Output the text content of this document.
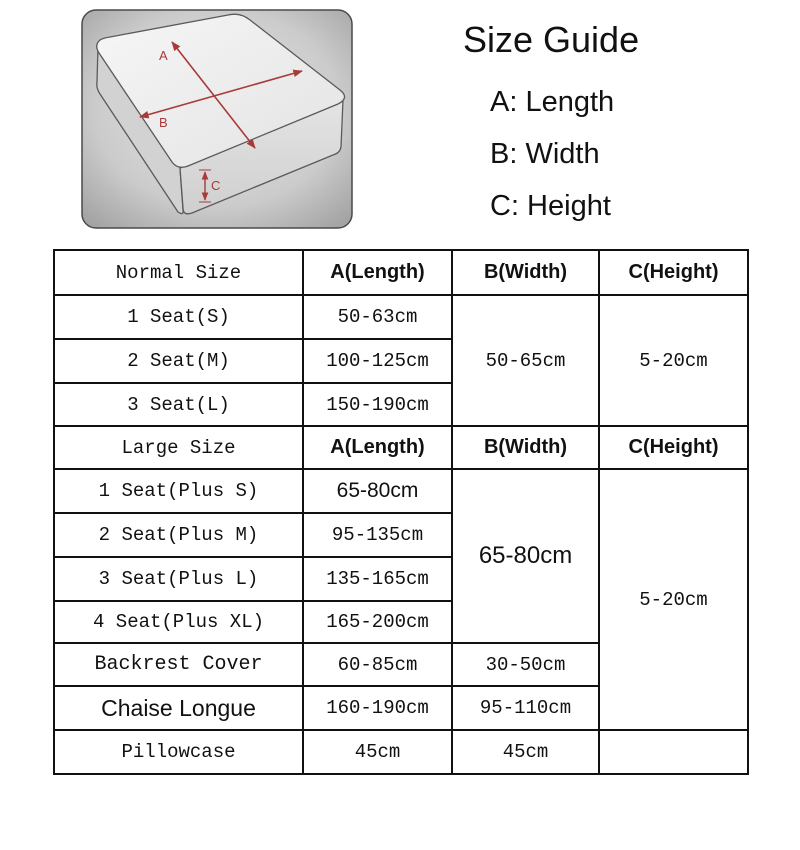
A
B
C
Size Guide
A: Length
B: Width
C: Height
Normal Size	A(Length)	B(Width)	C(Height)
1 Seat(S)	50-63cm	50-65cm	5-20cm
2 Seat(M)	100-125cm		
3 Seat(L)	150-190cm		
Large Size	A(Length)	B(Width)	C(Height)
1 Seat(Plus S)	65-80cm	65-80cm	5-20cm
2 Seat(Plus M)	95-135cm		
3 Seat(Plus L)	135-165cm		
4 Seat(Plus XL)	165-200cm		
Backrest Cover	60-85cm	30-50cm	
Chaise Longue	160-190cm	95-110cm	
Pillowcase	45cm	45cm	
